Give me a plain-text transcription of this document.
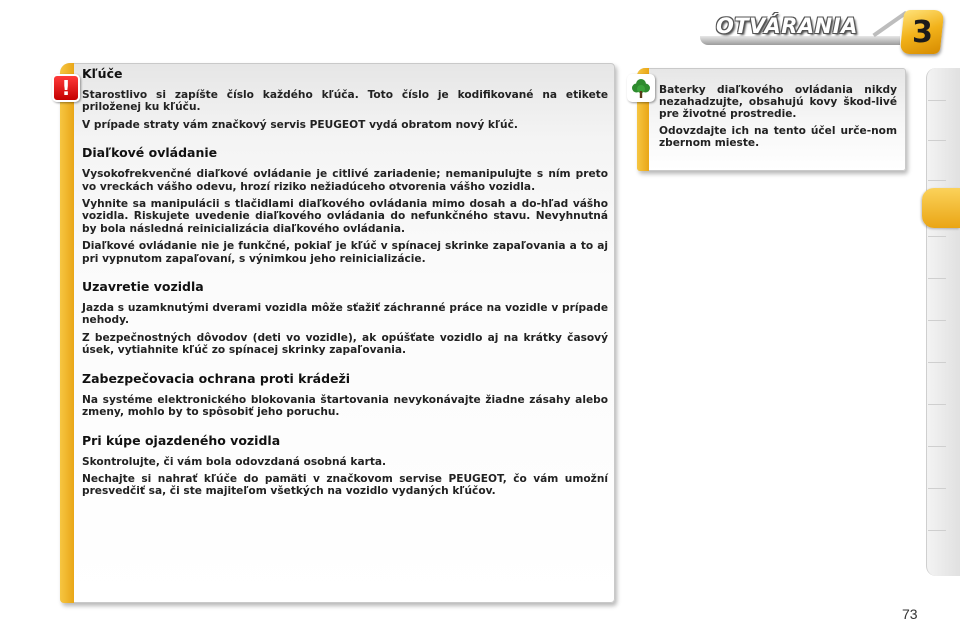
OTVÁRANIA 3
!
Kľúče

Starostlivo si zapíšte číslo každého kľúča. Toto číslo je kodifikované na etikete priloženej ku kľúču.

V prípade straty vám značkový servis PEUGEOT vydá obratom nový kľúč.

Diaľkové ovládanie

Vysokofrekvenčné diaľkové ovládanie je citlivé zariadenie; nemanipulujte s ním preto vo vreckách vášho odevu, hrozí riziko nežiadúceho otvorenia vášho vozidla.

Vyhnite sa manipulácii s tlačidlami diaľkového ovládania mimo dosah a do-hľad vášho vozidla. Riskujete uvedenie diaľkového ovládania do nefunkčného stavu. Nevyhnutná by bola následná reinicializácia diaľkového ovládania.

Diaľkové ovládanie nie je funkčné, pokiaľ je kľúč v spínacej skrinke zapaľovania a to aj pri vypnutom zapaľovaní, s výnimkou jeho reinicializácie.

Uzavretie vozidla

Jazda s uzamknutými dverami vozidla môže sťažiť záchranné práce na vozidle v prípade nehody.

Z bezpečnostných dôvodov (deti vo vozidle), ak opúšťate vozidlo aj na krátky časový úsek, vytiahnite kľúč zo spínacej skrinky zapaľovania.

Zabezpečovacia ochrana proti krádeži

Na systéme elektronického blokovania štartovania nevykonávajte žiadne zásahy alebo zmeny, mohlo by to spôsobiť jeho poruchu.

Pri kúpe ojazdeného vozidla

Skontrolujte, či vám bola odovzdaná osobná karta.

Nechajte si nahrať kľúče do pamäti v značkovom servise PEUGEOT, čo vám umožní presvedčiť sa, či ste majiteľom všetkých na vozidlo vydaných kľúčov.

Baterky diaľkového ovládania nikdy nezahadzujte, obsahujú kovy škod-livé pre životné prostredie.

Odovzdajte ich na tento účel urče-nom zbernom mieste.

73
